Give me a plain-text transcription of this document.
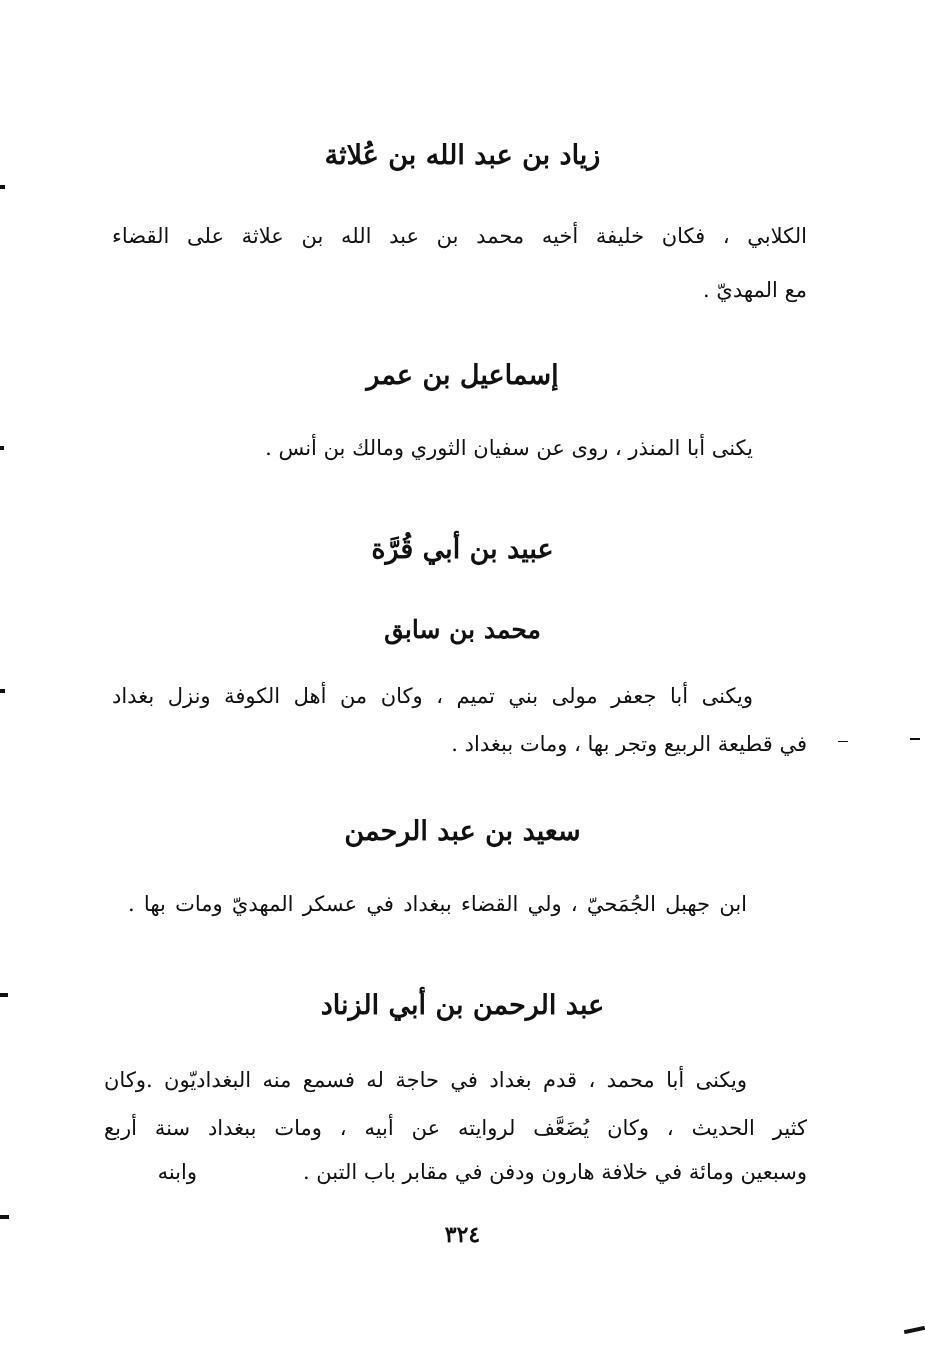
زياد بن عبد الله بن عُلاثة
الكلابي ، فكان خليفة أخيه محمد بن عبد الله بن علاثة على القضاء
مع المهديّ .
إسماعيل بن عمر
يكنى أبا المنذر ، روى عن سفيان الثوري ومالك بن أنس .
عبيد بن أبي قُرَّة
محمد بن سابق
ويكنى أبا جعفر مولى بني تميم ، وكان من أهل الكوفة ونزل بغداد
في قطيعة الربيع وتجر بها ، ومات ببغداد .
سعيد بن عبد الرحمن
ابن جهبل الجُمَحيّ ، ولي القضاء ببغداد في عسكر المهديّ ومات بها .
عبد الرحمن بن أبي الزناد
ويكنى أبا محمد ، قدم بغداد في حاجة له فسمع منه البغداديّون .وكان
كثير الحديث ، وكان يُضَعَّف لروايته عن أبيه ، ومات ببغداد سنة أربع
وسبعين ومائة في خلافة هارون ودفن في مقابر باب التبن .
وابنه
٣٢٤
